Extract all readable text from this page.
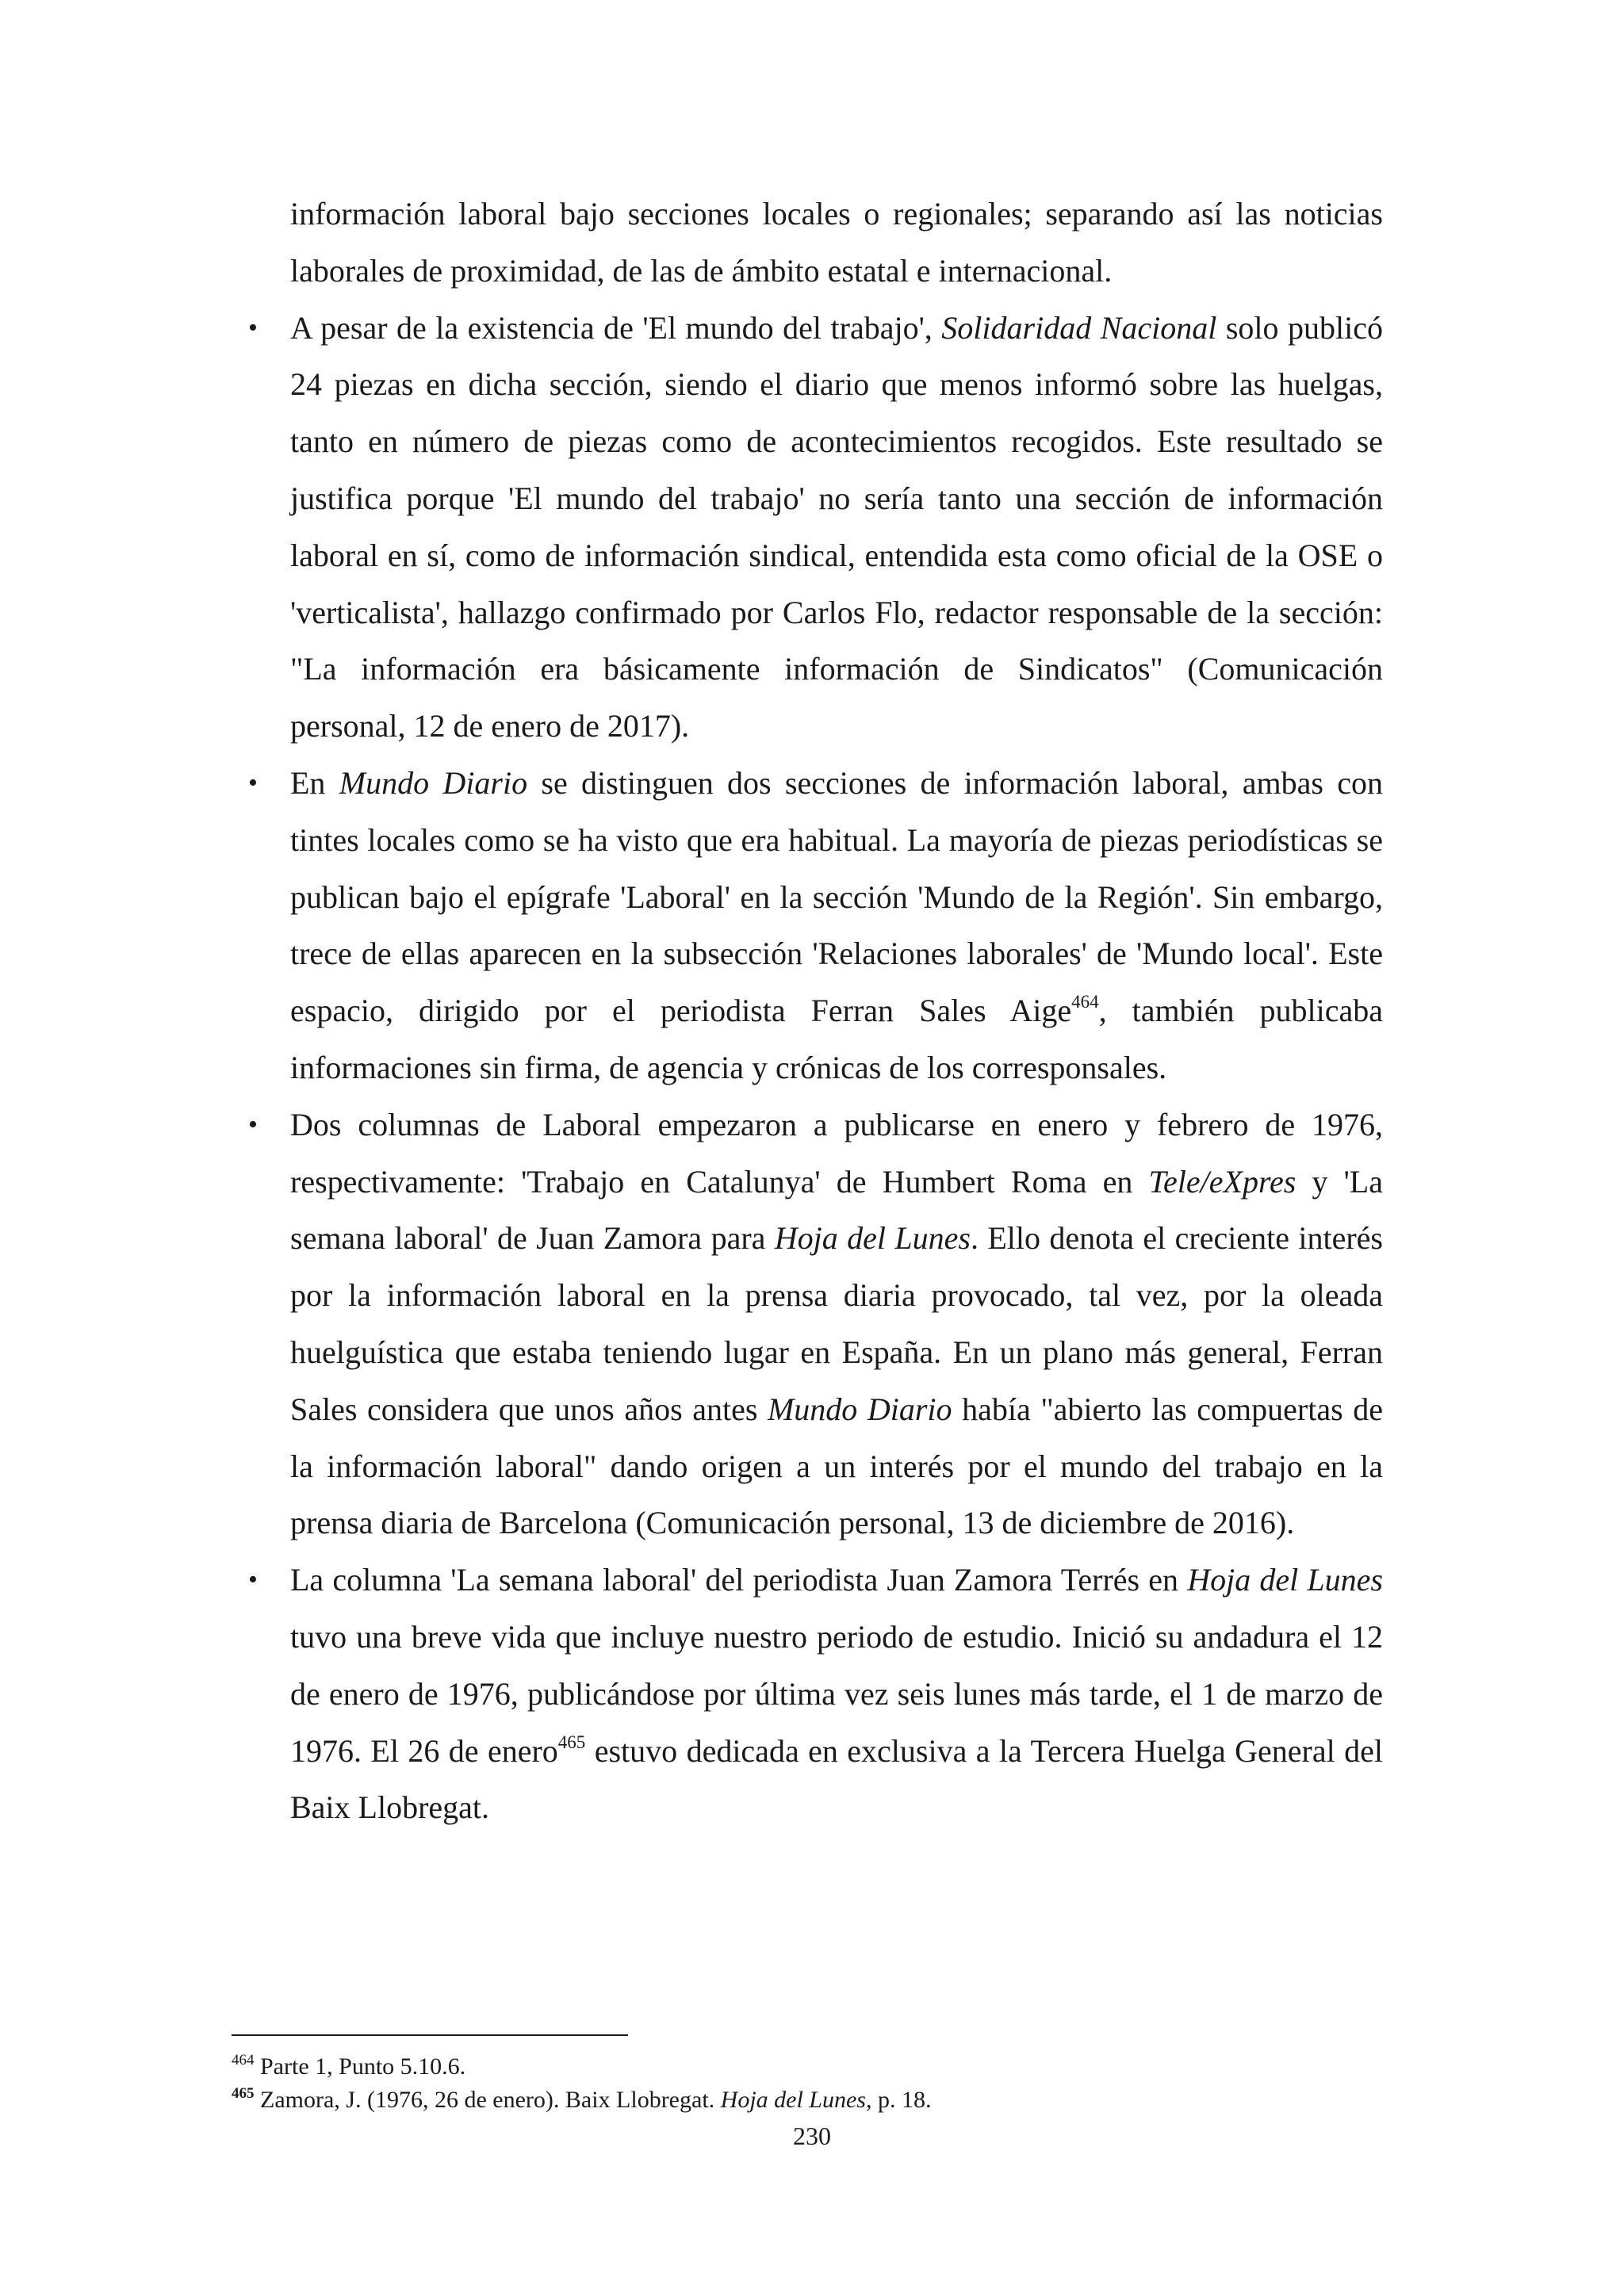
información laboral bajo secciones locales o regionales; separando así las noticias laborales de proximidad, de las de ámbito estatal e internacional.

• A pesar de la existencia de 'El mundo del trabajo', Solidaridad Nacional solo publicó 24 piezas en dicha sección, siendo el diario que menos informó sobre las huelgas, tanto en número de piezas como de acontecimientos recogidos. Este resultado se justifica porque 'El mundo del trabajo' no sería tanto una sección de información laboral en sí, como de información sindical, entendida esta como oficial de la OSE o 'verticalista', hallazgo confirmado por Carlos Flo, redactor responsable de la sección: "La información era básicamente información de Sindicatos" (Comunicación personal, 12 de enero de 2017).
• En Mundo Diario se distinguen dos secciones de información laboral, ambas con tintes locales como se ha visto que era habitual. La mayoría de piezas periodísticas se publican bajo el epígrafe 'Laboral' en la sección 'Mundo de la Región'. Sin embargo, trece de ellas aparecen en la subsección 'Relaciones laborales' de 'Mundo local'. Este espacio, dirigido por el periodista Ferran Sales Aige$^{464}$, también publicaba informaciones sin firma, de agencia y crónicas de los corresponsales.
• Dos columnas de Laboral empezaron a publicarse en enero y febrero de 1976, respectivamente: 'Trabajo en Catalunya' de Humbert Roma en Tele/eXpres y 'La semana laboral' de Juan Zamora para Hoja del Lunes. Ello denota el creciente interés por la información laboral en la prensa diaria provocado, tal vez, por la oleada huelguística que estaba teniendo lugar en España. En un plano más general, Ferran Sales considera que unos años antes Mundo Diario había "abierto las compuertas de la información laboral" dando origen a un interés por el mundo del trabajo en la prensa diaria de Barcelona (Comunicación personal, 13 de diciembre de 2016).
• La columna 'La semana laboral' del periodista Juan Zamora Terrés en Hoja del Lunes tuvo una breve vida que incluye nuestro periodo de estudio. Inició su andadura el 12 de enero de 1976, publicándose por última vez seis lunes más tarde, el 1 de marzo de 1976. El 26 de enero$^{465}$ estuvo dedicada en exclusiva a la Tercera Huelga General del Baix Llobregat.

$^{464}$ Parte 1, Punto 5.10.6.

$^{465}$ Zamora, J. (1976, 26 de enero). Baix Llobregat. Hoja del Lunes, p. 18.

230
